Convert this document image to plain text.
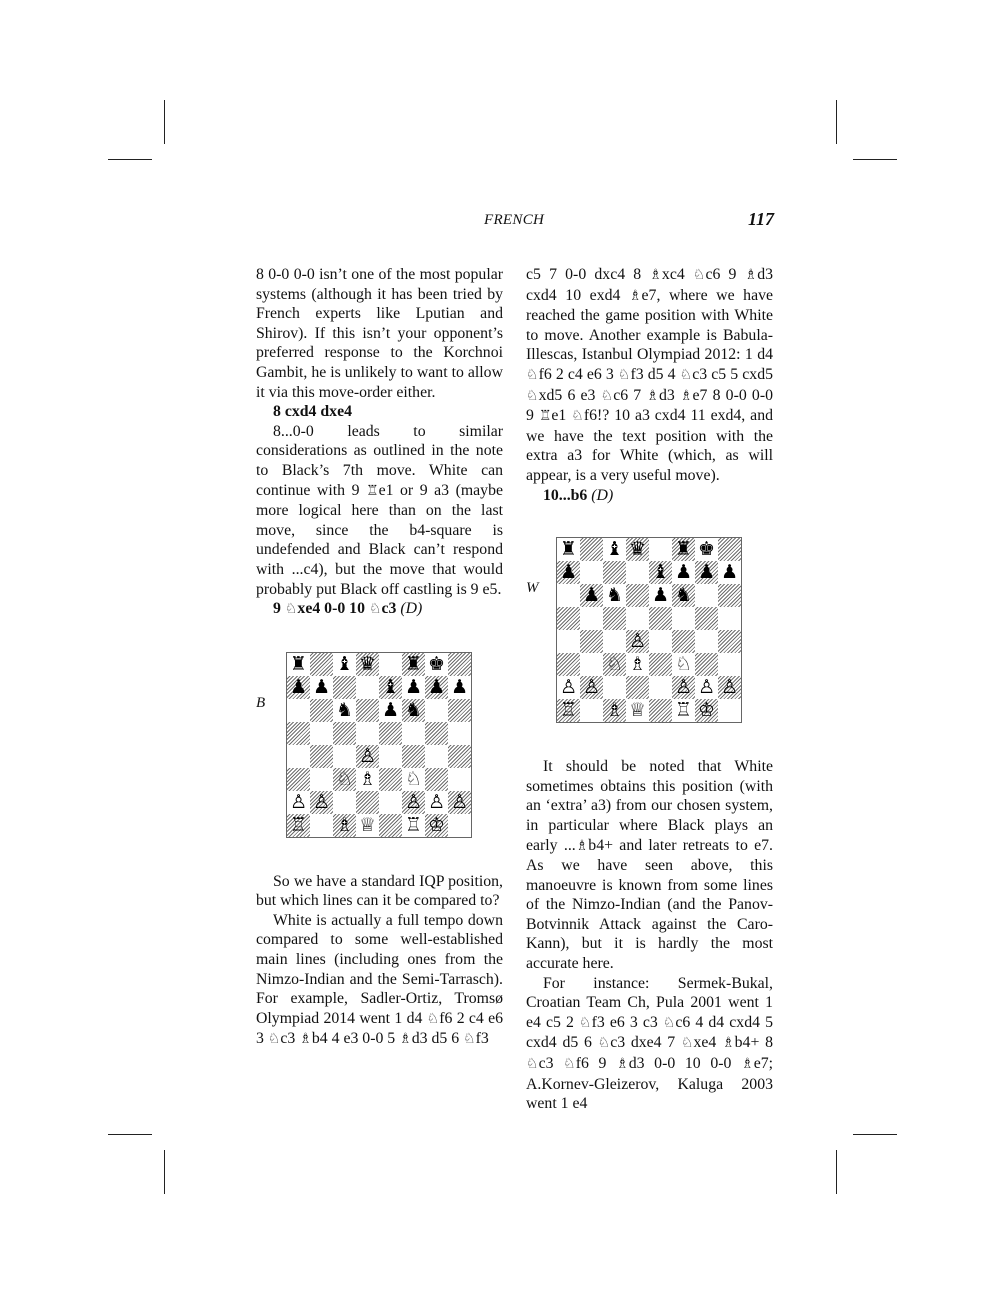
FRENCH	117

8 0-0 0-0 isn’t one of the most popular systems (although it has been tried by French experts like Lputian and Shirov). If this isn’t your opponent’s preferred response to the Korchnoi Gambit, he is unlikely to want to allow it via this move-order either.

8 cxd4 dxe4

8...0-0 leads to similar considerations as outlined in the note to Black’s 7th move. White can continue with 9 ♖e1 or 9 a3 (maybe more logical here than on the last move, since the b4-square is undefended and Black can’t respond with ...c4), but the move that would probably put Black off castling is 9 e5.

9 ♘xe4 0-0 10 ♘c3 (D)

B
♜ ♝ ♛ ♜ ♚
♟ ♟	♝ ♟ ♟ ♟
♞ ♟ ♞
♙
♘ ♗ ♘
♙ ♙	♙ ♙ ♙
♖ ♗ ♕ ♖ ♔

So we have a standard IQP position, but which lines can it be compared to?

White is actually a full tempo down compared to some well-established main lines (including ones from the Nimzo-Indian and the Semi-Tarrasch). For example, Sadler-Ortiz, Tromsø Olympiad 2014 went 1 d4 ♘f6 2 c4 e6 3 ♘c3 ♗b4 4 e3 0-0 5 ♗d3 d5 6 ♘f3

c5 7 0-0 dxc4 8 ♗xc4 ♘c6 9 ♗d3 cxd4 10 exd4 ♗e7, where we have reached the game position with White to move. Another example is Babula-Illescas, Istanbul Olympiad 2012: 1 d4 ♘f6 2 c4 e6 3 ♘f3 d5 4 ♘c3 c5 5 cxd5 ♘xd5 6 e3 ♘c6 7 ♗d3 ♗e7 8 0-0 0-0 9 ♖e1 ♘f6!? 10 a3 cxd4 11 exd4, and we have the text position with the extra a3 for White (which, as will appear, is a very useful move).

10...b6 (D)

W
♜ ♝ ♛ ♜ ♚
♟	♝ ♟ ♟ ♟
♟ ♞ ♟ ♞
♙
♘ ♗ ♘
♙ ♙	♙ ♙ ♙
♖ ♗ ♕ ♖ ♔

It should be noted that White sometimes obtains this position (with an ‘extra’ a3) from our chosen system, in particular where Black plays an early ...♗b4+ and later retreats to e7. As we have seen above, this manoeuvre is known from some lines of the Nimzo-Indian (and the Panov-Botvinnik Attack against the Caro-Kann), but it is hardly the most accurate here.

For instance: Sermek-Bukal, Croatian Team Ch, Pula 2001 went 1 e4 c5 2 ♘f3 e6 3 c3 ♘c6 4 d4 cxd4 5 cxd4 d5 6 ♘c3 dxe4 7 ♘xe4 ♗b4+ 8 ♘c3 ♘f6 9 ♗d3 0-0 10 0-0 ♗e7; A.Kornev-Gleizerov, Kaluga 2003 went 1 e4
